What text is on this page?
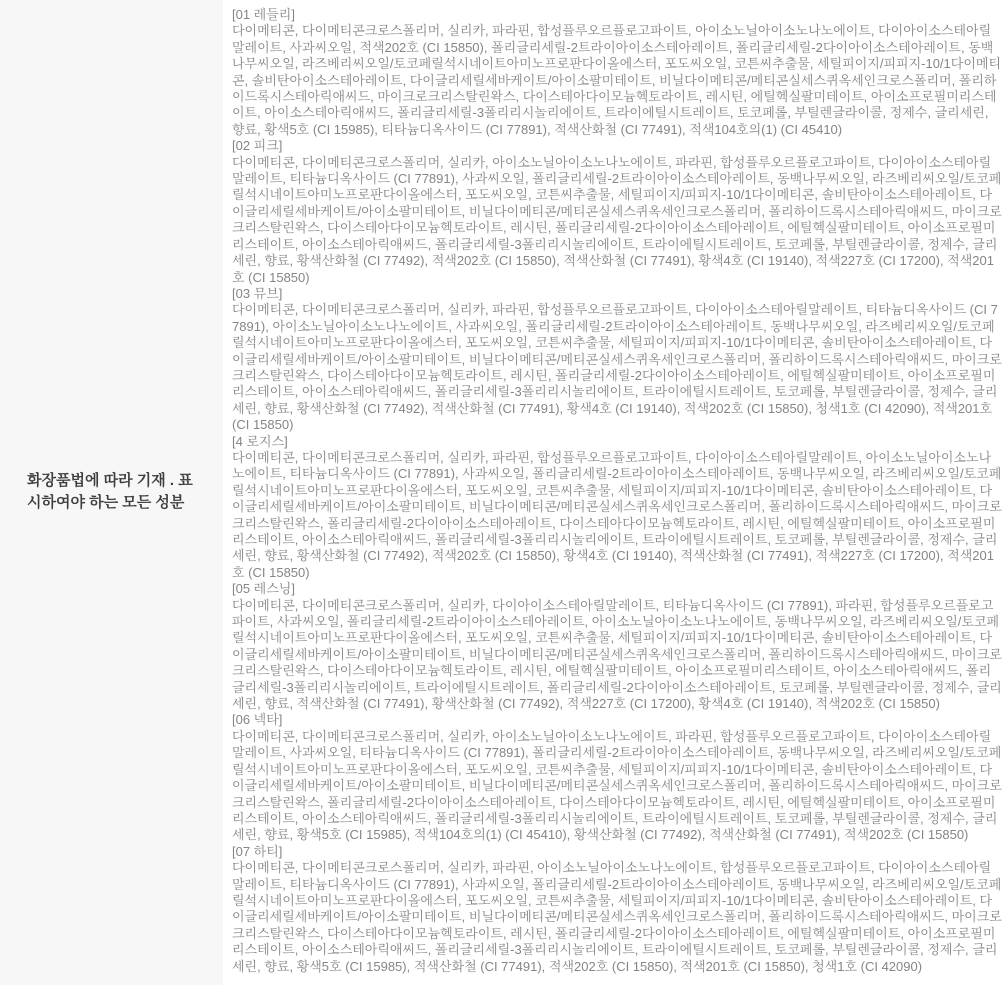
화장품법에 따라 기재 . 표시하여야 하는 모든 성분
[01 레들리]
다이메티콘, 다이메티콘크로스폴리머, 실리카, 파라핀, 합성플루오르플로고파이트, 아이소노닐아이소노나노에이트, 다이아이소스테아릴말레이트, 사과씨오일, 적색202호 (CI 15850), 폴리글리세릴-2트라이아이소스테아레이트, 폴리글리세릴-2다이아이소스테아레이트, 동백나무씨오일, 라즈베리씨오일/토코페릴석시네이트아미노프로판다이올에스터, 포도씨오일, 코튼씨추출물, 세틸피이지/피피지-10/1다이메티콘, 솔비탄아이소스테아레이트, 다이글리세릴세바케이트/아이소팔미테이트, 비닐다이메티콘/메티콘실세스퀴옥세인크로스폴리머, 폴리하이드록시스테아릭애씨드, 마이크로크리스탈린왁스, 다이스테아다이모늄헥토라이트, 레시틴, 에틸헥실팔미테이트, 아이소프로필미리스테이트, 아이소스테아릭애씨드, 폴리글리세릴-3폴리리시놀리에이트, 트라이에틸시트레이트, 토코페롤, 부틸렌글라이콜, 정제수, 글리세린, 향료, 황색5호 (CI 15985), 티타늄디옥사이드 (CI 77891), 적색산화철 (CI 77491), 적색104호의(1) (CI 45410)
[02 피크]
다이메티콘, 다이메티콘크로스폴리머, 실리카, 아이소노닐아이소노나노에이트, 파라핀, 합성플루오르플로고파이트, 다이아이소스테아릴말레이트, 티타늄디옥사이드 (CI 77891), 사과씨오일, 폴리글리세릴-2트라이아이소스테아레이트, 동백나무씨오일, 라즈베리씨오일/토코페릴석시네이트아미노프로판다이올에스터, 포도씨오일, 코튼씨추출물, 세틸피이지/피피지-10/1다이메티콘, 솔비탄아이소스테아레이트, 다이글리세릴세바케이트/아이소팔미테이트, 비닐다이메티콘/메티콘실세스퀴옥세인크로스폴리머, 폴리하이드록시스테아릭애씨드, 마이크로크리스탈린왁스, 다이스테아다이모늄헥토라이트, 레시틴, 폴리글리세릴-2다이아이소스테아레이트, 에틸헥실팔미테이트, 아이소프로필미리스테이트, 아이소스테아릭애씨드, 폴리글리세릴-3폴리리시놀리에이트, 트라이에틸시트레이트, 토코페롤, 부틸렌글라이콜, 정제수, 글리세린, 향료, 황색산화철 (CI 77492), 적색202호 (CI 15850), 적색산화철 (CI 77491), 황색4호 (CI 19140), 적색227호 (CI 17200), 적색201호 (CI 15850)
[03 뮤브]
다이메티콘, 다이메티콘크로스폴리머, 실리카, 파라핀, 합성플루오르플로고파이트, 다이아이소스테아릴말레이트, 티타늄디옥사이드 (CI 77891), 아이소노닐아이소노나노에이트, 사과씨오일, 폴리글리세릴-2트라이아이소스테아레이트, 동백나무씨오일, 라즈베리씨오일/토코페릴석시네이트아미노프로판다이올에스터, 포도씨오일, 코튼씨추출물, 세틸피이지/피피지-10/1다이메티콘, 솔비탄아이소스테아레이트, 다이글리세릴세바케이트/아이소팔미테이트, 비닐다이메티콘/메티콘실세스퀴옥세인크로스폴리머, 폴리하이드록시스테아릭애씨드, 마이크로크리스탈린왁스, 다이스테아다이모늄헥토라이트, 레시틴, 폴리글리세릴-2다이아이소스테아레이트, 에틸헥실팔미테이트, 아이소프로필미리스테이트, 아이소스테아릭애씨드, 폴리글리세릴-3폴리리시놀리에이트, 트라이에틸시트레이트, 토코페롤, 부틸렌글라이콜, 정제수, 글리세린, 향료, 황색산화철 (CI 77492), 적색산화철 (CI 77491), 황색4호 (CI 19140), 적색202호 (CI 15850), 청색1호 (CI 42090), 적색201호 (CI 15850)
[4 로지스]
다이메티콘, 다이메티콘크로스폴리머, 실리카, 파라핀, 합성플루오르플로고파이트, 다이아이소스테아릴말레이트, 아이소노닐아이소노나노에이트, 티타늄디옥사이드 (CI 77891), 사과씨오일, 폴리글리세릴-2트라이아이소스테아레이트, 동백나무씨오일, 라즈베리씨오일/토코페릴석시네이트아미노프로판다이올에스터, 포도씨오일, 코튼씨추출물, 세틸피이지/피피지-10/1다이메티콘, 솔비탄아이소스테아레이트, 다이글리세릴세바케이트/아이소팔미테이트, 비닐다이메티콘/메티콘실세스퀴옥세인크로스폴리머, 폴리하이드록시스테아릭애씨드, 마이크로크리스탈린왁스, 폴리글리세릴-2다이아이소스테아레이트, 다이스테아다이모늄헥토라이트, 레시틴, 에틸헥실팔미테이트, 아이소프로필미리스테이트, 아이소스테아릭애씨드, 폴리글리세릴-3폴리리시놀리에이트, 트라이에틸시트레이트, 토코페롤, 부틸렌글라이콜, 정제수, 글리세린, 향료, 황색산화철 (CI 77492), 적색202호 (CI 15850), 황색4호 (CI 19140), 적색산화철 (CI 77491), 적색227호 (CI 17200), 적색201호 (CI 15850)
[05 레스닝]
다이메티콘, 다이메티콘크로스폴리머, 실리카, 다이아이소스테아릴말레이트, 티타늄디옥사이드 (CI 77891), 파라핀, 합성플루오르플로고파이트, 사과씨오일, 폴리글리세릴-2트라이아이소스테아레이트, 아이소노닐아이소노나노에이트, 동백나무씨오일, 라즈베리씨오일/토코페릴석시네이트아미노프로판다이올에스터, 포도씨오일, 코튼씨추출물, 세틸피이지/피피지-10/1다이메티콘, 솔비탄아이소스테아레이트, 다이글리세릴세바케이트/아이소팔미테이트, 비닐다이메티콘/메티콘실세스퀴옥세인크로스폴리머, 폴리하이드록시스테아릭애씨드, 마이크로크리스탈린왁스, 다이스테아다이모늄헥토라이트, 레시틴, 에틸헥실팔미테이트, 아이소프로필미리스테이트, 아이소스테아릭애씨드, 폴리글리세릴-3폴리리시놀리에이트, 트라이에틸시트레이트, 폴리글리세릴-2다이아이소스테아레이트, 토코페롤, 부틸렌글라이콜, 정제수, 글리세린, 향료, 적색산화철 (CI 77491), 황색산화철 (CI 77492), 적색227호 (CI 17200), 황색4호 (CI 19140), 적색202호 (CI 15850)
[06 넥타]
다이메티콘, 다이메티콘크로스폴리머, 실리카, 아이소노닐아이소노나노에이트, 파라핀, 합성플루오르플로고파이트, 다이아이소스테아릴말레이트, 사과씨오일, 티타늄디옥사이드 (CI 77891), 폴리글리세릴-2트라이아이소스테아레이트, 동백나무씨오일, 라즈베리씨오일/토코페릴석시네이트아미노프로판다이올에스터, 포도씨오일, 코튼씨추출물, 세틸피이지/피피지-10/1다이메티콘, 솔비탄아이소스테아레이트, 다이글리세릴세바케이트/아이소팔미테이트, 비닐다이메티콘/메티콘실세스퀴옥세인크로스폴리머, 폴리하이드록시스테아릭애씨드, 마이크로크리스탈린왁스, 폴리글리세릴-2다이아이소스테아레이트, 다이스테아다이모늄헥토라이트, 레시틴, 에틸헥실팔미테이트, 아이소프로필미리스테이트, 아이소스테아릭애씨드, 폴리글리세릴-3폴리리시놀리에이트, 트라이에틸시트레이트, 토코페롤, 부틸렌글라이콜, 정제수, 글리세린, 향료, 황색5호 (CI 15985), 적색104호의(1) (CI 45410), 황색산화철 (CI 77492), 적색산화철 (CI 77491), 적색202호 (CI 15850)
[07 하티]
다이메티콘, 다이메티콘크로스폴리머, 실리카, 파라핀, 아이소노닐아이소노나노에이트, 합성플루오르플로고파이트, 다이아이소스테아릴말레이트, 티타늄디옥사이드 (CI 77891), 사과씨오일, 폴리글리세릴-2트라이아이소스테아레이트, 동백나무씨오일, 라즈베리씨오일/토코페릴석시네이트아미노프로판다이올에스터, 포도씨오일, 코튼씨추출물, 세틸피이지/피피지-10/1다이메티콘, 솔비탄아이소스테아레이트, 다이글리세릴세바케이트/아이소팔미테이트, 비닐다이메티콘/메티콘실세스퀴옥세인크로스폴리머, 폴리하이드록시스테아릭애씨드, 마이크로크리스탈린왁스, 다이스테아다이모늄헥토라이트, 레시틴, 폴리글리세릴-2다이아이소스테아레이트, 에틸헥실팔미테이트, 아이소프로필미리스테이트, 아이소스테아릭애씨드, 폴리글리세릴-3폴리리시놀리에이트, 트라이에틸시트레이트, 토코페롤, 부틸렌글라이콜, 정제수, 글리세린, 향료, 황색5호 (CI 15985), 적색산화철 (CI 77491), 적색202호 (CI 15850), 적색201호 (CI 15850), 청색1호 (CI 42090)
